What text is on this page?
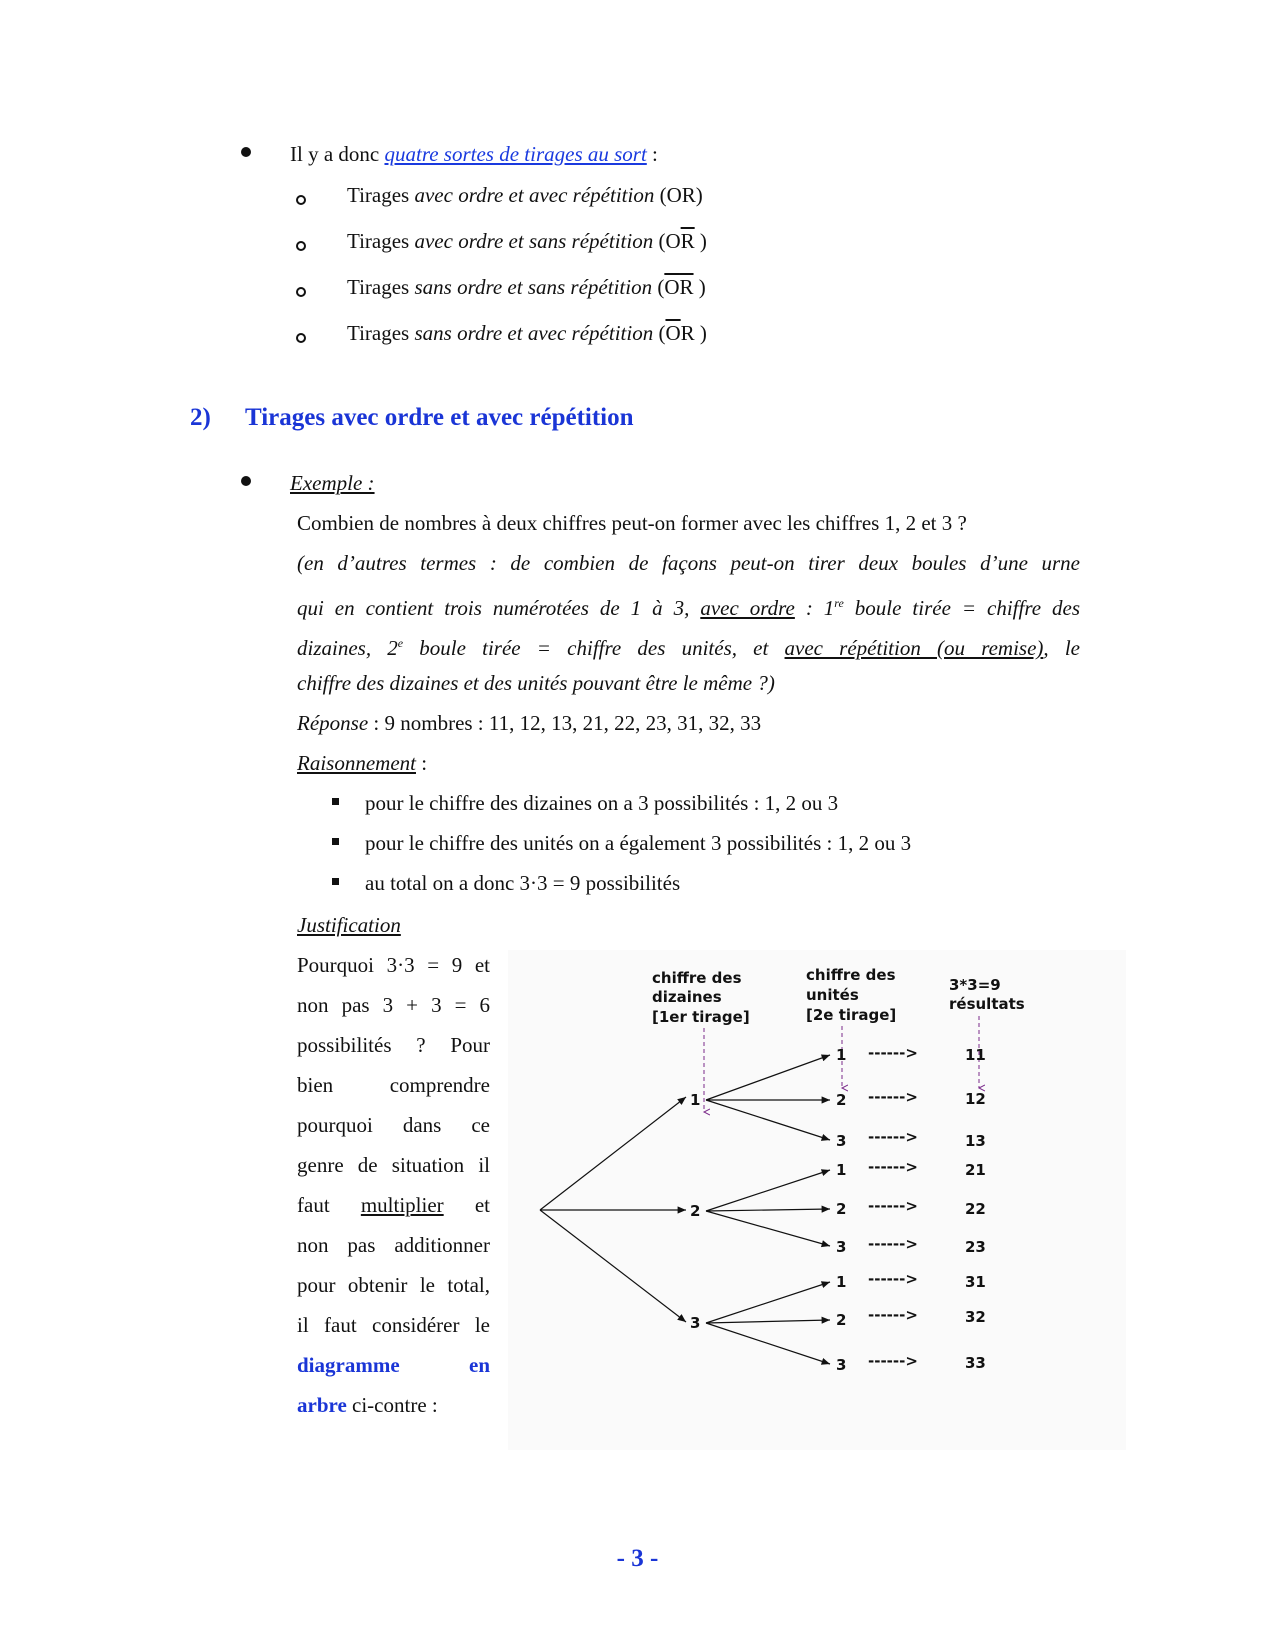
Il y a donc quatre sortes de tirages au sort :
Tirages avec ordre et avec répétition (OR)
Tirages avec ordre et sans répétition ($O\overline{R}$ )
Tirages sans ordre et sans répétition ($\overline{O}\overline{R}$ )
Tirages sans ordre et avec répétition ($\overline{O}R$ )
2) Tirages avec ordre et avec répétition
Exemple :
Combien de nombres à deux chiffres peut-on former avec les chiffres 1, 2 et 3 ?
(en d’autres termes : de combien de façons peut-on tirer deux boules d’une urne
qui en contient trois numérotées de 1 à 3, avec ordre : 1re boule tirée = chiffre des
dizaines, 2e boule tirée = chiffre des unités, et avec répétition (ou remise), le
chiffre des dizaines et des unités pouvant être le même ?)
Réponse : 9 nombres : 11, 12, 13, 21, 22, 23, 31, 32, 33
Raisonnement :
pour le chiffre des dizaines on a 3 possibilités : 1, 2 ou 3
pour le chiffre des unités on a également 3 possibilités : 1, 2 ou 3
au total on a donc 3·3 = 9 possibilités
Justification
Pourquoi 3·3 = 9 et
non pas 3 + 3 = 6
possibilités ? Pour
bien	comprendre
pourquoi dans ce
genre de situation il
faut multiplier et
non pas additionner
pour obtenir le total,
il faut considérer le
diagramme	en
arbre ci-contre :
chiffre des
dizaines
[1er tirage]
chiffre des
unités
[2e tirage]
3*3=9
résultats
1
2
3
1
2
3
1
2
3
1
2
3
------>
------>
------>
------>
------>
------>
------>
------>
------>
11
12
13
21
22
23
31
32
33
- 3 -
